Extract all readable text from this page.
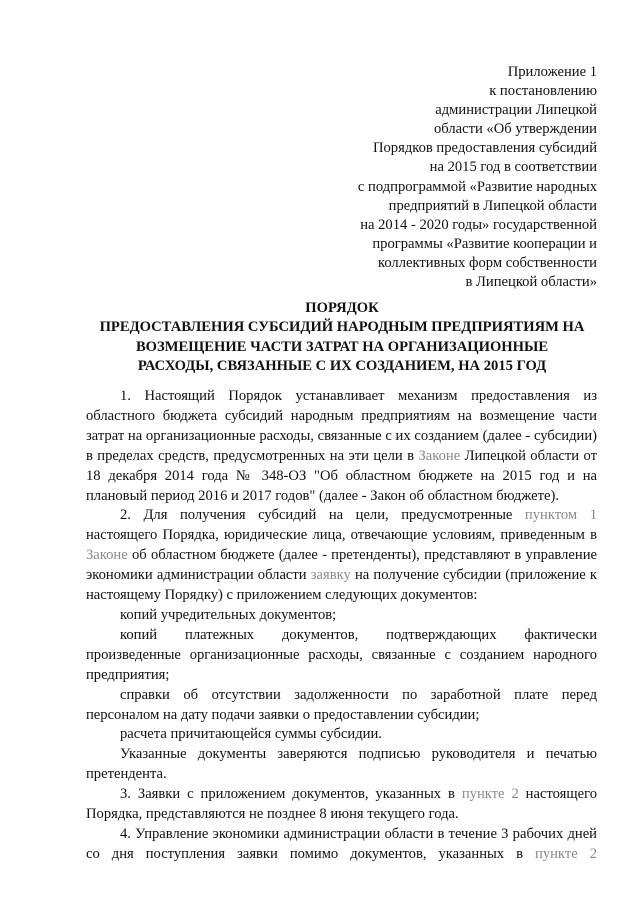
Приложение 1
к постановлению
администрации Липецкой
области «Об утверждении
Порядков предоставления субсидий
на 2015 год в соответствии
с подпрограммой «Развитие народных
предприятий в Липецкой области
на 2014 - 2020 годы» государственной
программы «Развитие кооперации и
коллективных форм собственности
в Липецкой области»
ПОРЯДОК
ПРЕДОСТАВЛЕНИЯ СУБСИДИЙ НАРОДНЫМ ПРЕДПРИЯТИЯМ НА
ВОЗМЕЩЕНИЕ ЧАСТИ ЗАТРАТ НА ОРГАНИЗАЦИОННЫЕ
РАСХОДЫ, СВЯЗАННЫЕ С ИХ СОЗДАНИЕМ, НА 2015 ГОД

1. Настоящий Порядок устанавливает механизм предоставления из областного бюджета субсидий народным предприятиям на возмещение части затрат на организационные расходы, связанные с их созданием (далее - субсидии) в пределах средств, предусмотренных на эти цели в Законе Липецкой области от 18 декабря 2014 года № 348-ОЗ "Об областном бюджете на 2015 год и на плановый период 2016 и 2017 годов" (далее - Закон об областном бюджете).

2. Для получения субсидий на цели, предусмотренные пунктом 1 настоящего Порядка, юридические лица, отвечающие условиям, приведенным в Законе об областном бюджете (далее - претенденты), представляют в управление экономики администрации области заявку на получение субсидии (приложение к настоящему Порядку) с приложением следующих документов:

копий учредительных документов;

копий платежных документов, подтверждающих фактически произведенные организационные расходы, связанные с созданием народного предприятия;

справки об отсутствии задолженности по заработной плате перед персоналом на дату подачи заявки о предоставлении субсидии;

расчета причитающейся суммы субсидии.

Указанные документы заверяются подписью руководителя и печатью претендента.

3. Заявки с приложением документов, указанных в пункте 2 настоящего Порядка, представляются не позднее 8 июня текущего года.

4. Управление экономики администрации области в течение 3 рабочих дней со дня поступления заявки помимо документов, указанных в пункте 2
